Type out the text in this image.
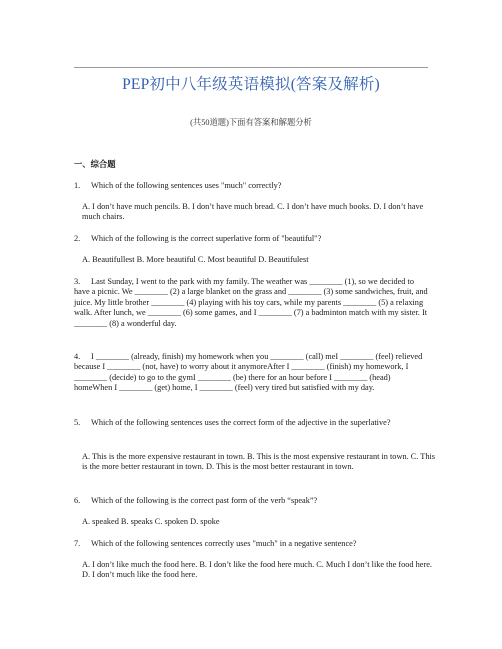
PEP初中八年级英语模拟(答案及解析)
(共50道题)下面有答案和解题分析
一、综合题
1. Which of the following sentences uses "much" correctly?
A. I don’t have much pencils. B. I don’t have much bread. C. I don’t have much books. D. I don’t have much chairs.
2. Which of the following is the correct superlative form of "beautiful"?
A. Beautifullest B. More beautiful C. Most beautiful D. Beautifulest
3. Last Sunday, I went to the park with my family. The weather was ________ (1), so we decided to have a picnic. We ________ (2) a large blanket on the grass and ________ (3) some sandwiches, fruit, and juice. My little brother ________ (4) playing with his toy cars, while my parents ________ (5) a relaxing walk. After lunch, we ________ (6) some games, and I ________ (7) a badminton match with my sister. It ________ (8) a wonderful day.
4. I ________ (already, finish) my homework when you ________ (call) meI ________ (feel) relieved because I ________ (not, have) to worry about it anymoreAfter I ________ (finish) my homework, I ________ (decide) to go to the gymI ________ (be) there for an hour before I ________ (head) homeWhen I ________ (get) home, I ________ (feel) very tired but satisfied with my day.
5. Which of the following sentences uses the correct form of the adjective in the superlative?
A. This is the more expensive restaurant in town. B. This is the most expensive restaurant in town. C. This is the more better restaurant in town. D. This is the most better restaurant in town.
6. Which of the following is the correct past form of the verb “speak”?
A. speaked B. speaks C. spoken D. spoke
7. Which of the following sentences correctly uses "much" in a negative sentence?
A. I don’t like much the food here. B. I don’t like the food here much. C. Much I don’t like the food here. D. I don’t much like the food here.
